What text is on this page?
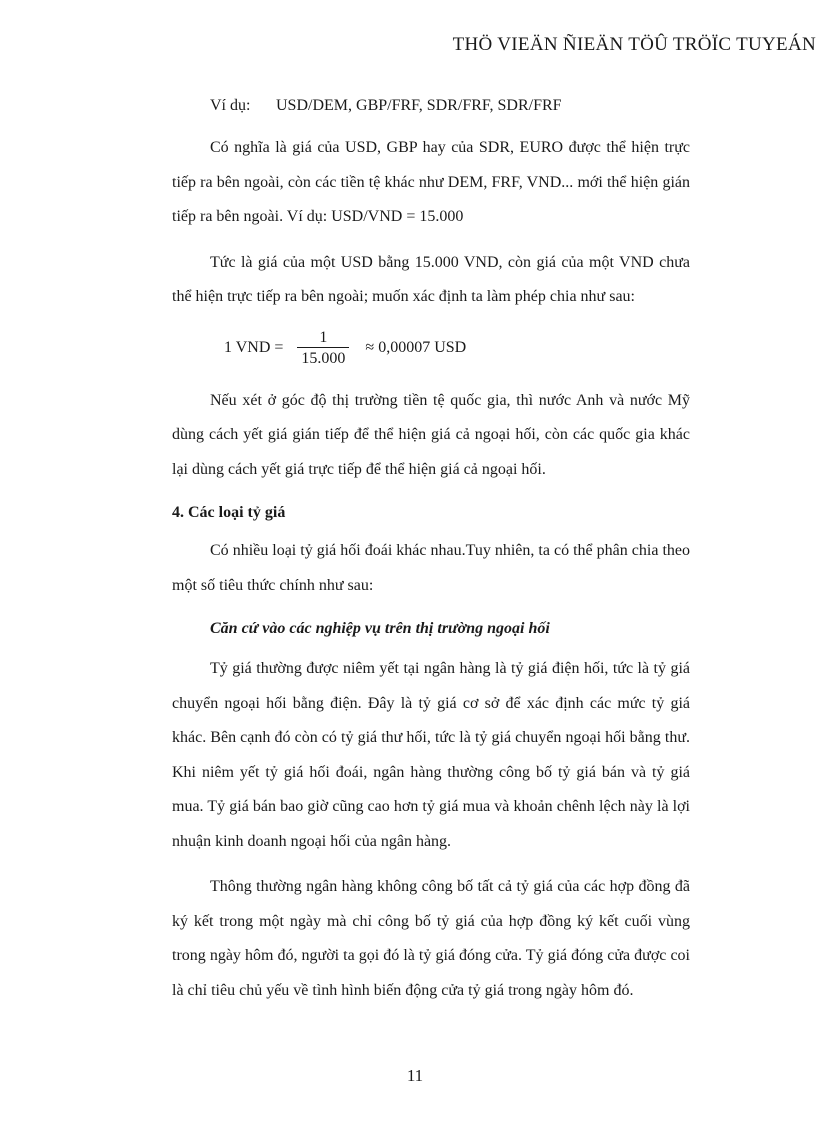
THÖ VIEÄN ÑIEÄN TÖÛ TRÖÏC TUYEÁN
Ví dụ: USD/DEM, GBP/FRF, SDR/FRF, SDR/FRF

Có nghĩa là giá của USD, GBP hay của SDR, EURO được thể hiện trực tiếp ra bên ngoài, còn các tiền tệ khác như DEM, FRF, VND... mới thể hiện gián tiếp ra bên ngoài. Ví dụ: USD/VND = 15.000

Tức là giá của một USD bằng 15.000 VND, còn giá của một VND chưa thể hiện trực tiếp ra bên ngoài; muốn xác định ta làm phép chia như sau:

1 VND = $\frac{1}{15.000} \approx 0,00007$ USD

Nếu xét ở góc độ thị trường tiền tệ quốc gia, thì nước Anh và nước Mỹ dùng cách yết giá gián tiếp để thể hiện giá cả ngoại hối, còn các quốc gia khác lại dùng cách yết giá trực tiếp để thể hiện giá cả ngoại hối.

4. Các loại tỷ giá

Có nhiều loại tỷ giá hối đoái khác nhau.Tuy nhiên, ta có thể phân chia theo một số tiêu thức chính như sau:

Căn cứ vào các nghiệp vụ trên thị trường ngoại hối

Tỷ giá thường được niêm yết tại ngân hàng là tỷ giá điện hối, tức là tỷ giá chuyển ngoại hối bằng điện. Đây là tỷ giá cơ sở để xác định các mức tỷ giá khác. Bên cạnh đó còn có tỷ giá thư hối, tức là tỷ giá chuyển ngoại hối bằng thư. Khi niêm yết tỷ giá hối đoái, ngân hàng thường công bố tỷ giá bán và tỷ giá mua. Tỷ giá bán bao giờ cũng cao hơn tỷ giá mua và khoản chênh lệch này là lợi nhuận kinh doanh ngoại hối của ngân hàng.

Thông thường ngân hàng không công bố tất cả tỷ giá của các hợp đồng đã ký kết trong một ngày mà chỉ công bố tỷ giá của hợp đồng ký kết cuối vùng trong ngày hôm đó, người ta gọi đó là tỷ giá đóng cửa. Tỷ giá đóng cửa được coi là chỉ tiêu chủ yếu về tình hình biến động cửa tỷ giá trong ngày hôm đó.

11
